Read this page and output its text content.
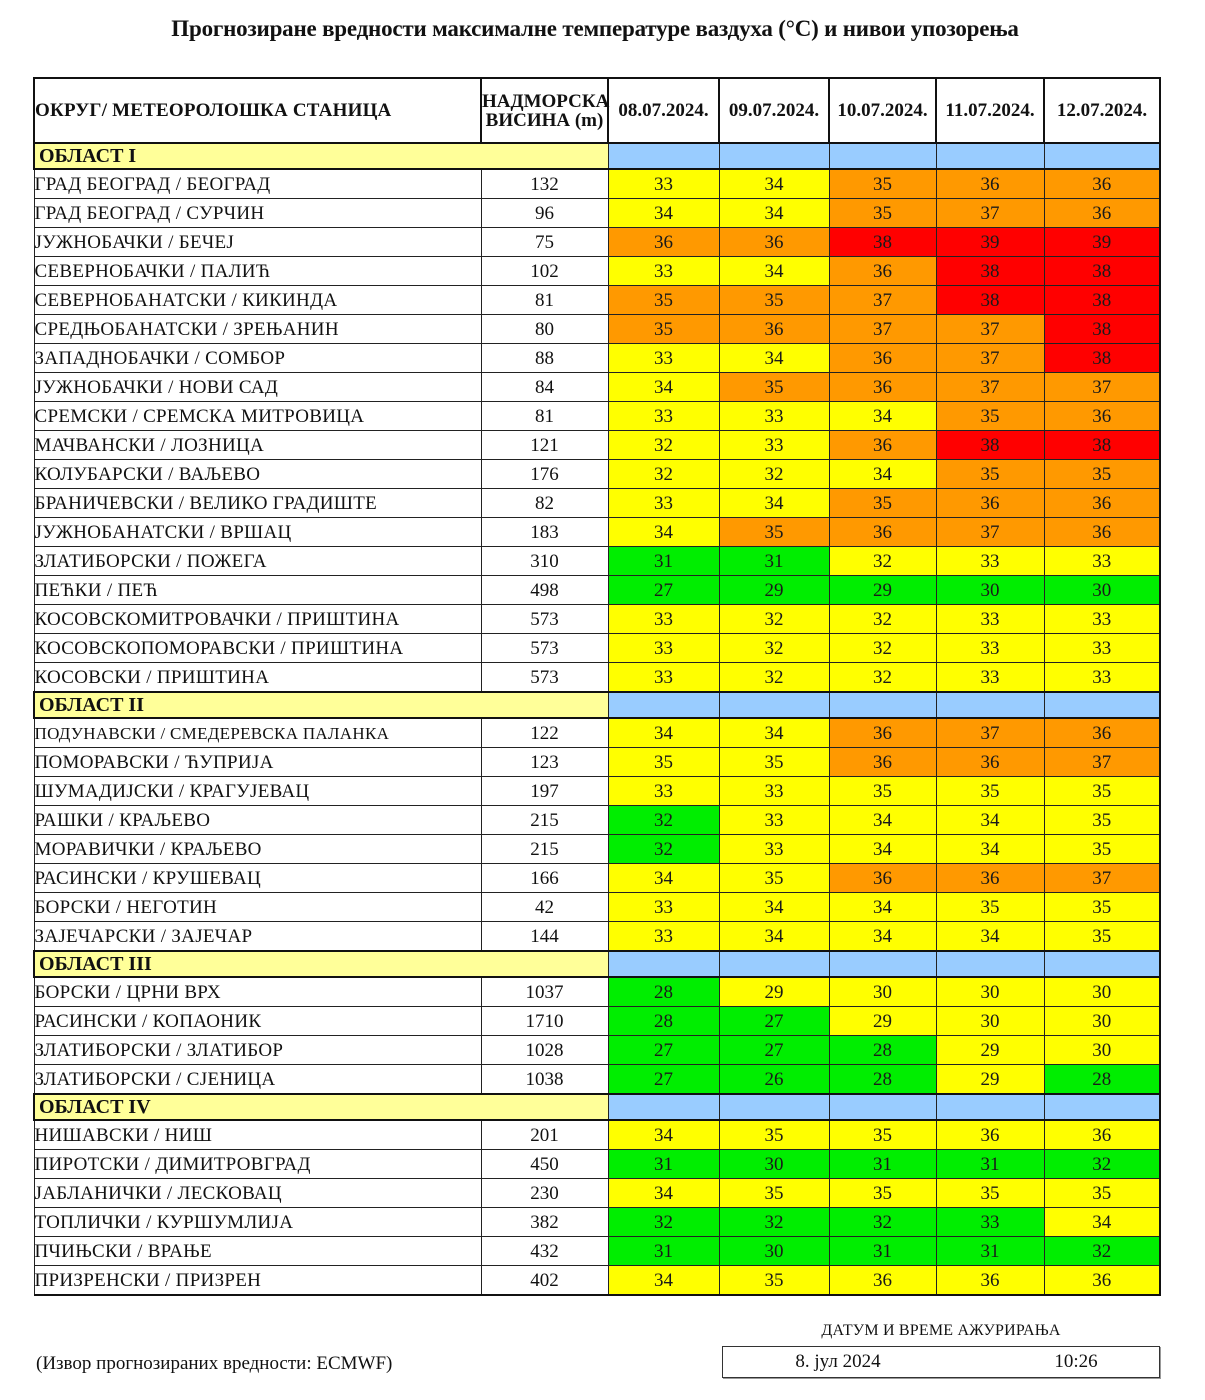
Прогнозиране вредности максималне температуре ваздуха (°C) и нивои упозорења
ОКРУГ/ МЕТЕОРОЛОШКА СТАНИЦА	НАДМОРСКА
ВИСИНА (m)	08.07.2024.	09.07.2024.	10.07.2024.	11.07.2024.	12.07.2024.
ОБЛАСТ I						
ГРАД БЕОГРАД / БЕОГРАД	132	33	34	35	36	36
ГРАД БЕОГРАД / СУРЧИН	96	34	34	35	37	36
ЈУЖНОБАЧКИ / БЕЧЕЈ	75	36	36	38	39	39
СЕВЕРНОБАЧКИ / ПАЛИЋ	102	33	34	36	38	38
СЕВЕРНОБАНАТСКИ / КИКИНДА	81	35	35	37	38	38
СРЕДЊОБАНАТСКИ / ЗРЕЊАНИН	80	35	36	37	37	38
ЗАПАДНОБАЧКИ / СОМБОР	88	33	34	36	37	38
ЈУЖНОБАЧКИ / НОВИ САД	84	34	35	36	37	37
СРЕМСКИ / СРЕМСКА МИТРОВИЦА	81	33	33	34	35	36
МАЧВАНСКИ / ЛОЗНИЦА	121	32	33	36	38	38
КОЛУБАРСКИ / ВАЉЕВО	176	32	32	34	35	35
БРАНИЧЕВСКИ / ВЕЛИКО ГРАДИШТЕ	82	33	34	35	36	36
ЈУЖНОБАНАТСКИ / ВРШАЦ	183	34	35	36	37	36
ЗЛАТИБОРСКИ / ПОЖЕГА	310	31	31	32	33	33
ПЕЋКИ / ПЕЋ	498	27	29	29	30	30
КОСОВСКОМИТРОВАЧКИ / ПРИШТИНА	573	33	32	32	33	33
КОСОВСКОПОМОРАВСКИ / ПРИШТИНА	573	33	32	32	33	33
КОСОВСКИ / ПРИШТИНА	573	33	32	32	33	33
ОБЛАСТ II						
ПОДУНАВСКИ / СМЕДЕРЕВСКА ПАЛАНКА	122	34	34	36	37	36
ПОМОРАВСКИ / ЋУПРИЈА	123	35	35	36	36	37
ШУМАДИЈСКИ / КРАГУЈЕВАЦ	197	33	33	35	35	35
РАШКИ / КРАЉЕВО	215	32	33	34	34	35
МОРАВИЧКИ / КРАЉЕВО	215	32	33	34	34	35
РАСИНСКИ / КРУШЕВАЦ	166	34	35	36	36	37
БОРСКИ / НЕГОТИН	42	33	34	34	35	35
ЗАЈЕЧАРСКИ / ЗАЈЕЧАР	144	33	34	34	34	35
ОБЛАСТ III						
БОРСКИ / ЦРНИ ВРХ	1037	28	29	30	30	30
РАСИНСКИ / КОПАОНИК	1710	28	27	29	30	30
ЗЛАТИБОРСКИ / ЗЛАТИБОР	1028	27	27	28	29	30
ЗЛАТИБОРСКИ / СЈЕНИЦА	1038	27	26	28	29	28
ОБЛАСТ IV						
НИШАВСКИ / НИШ	201	34	35	35	36	36
ПИРОТСКИ / ДИМИТРОВГРАД	450	31	30	31	31	32
ЈАБЛАНИЧКИ / ЛЕСКОВАЦ	230	34	35	35	35	35
ТОПЛИЧКИ / КУРШУМЛИЈА	382	32	32	32	33	34
ПЧИЊСКИ / ВРАЊЕ	432	31	30	31	31	32
ПРИЗРЕНСКИ / ПРИЗРЕН	402	34	35	36	36	36
ДАТУМ И ВРЕМЕ АЖУРИРАЊА
(Извор прогнозираних вредности: ECMWF)	8. јул 2024	10:26
